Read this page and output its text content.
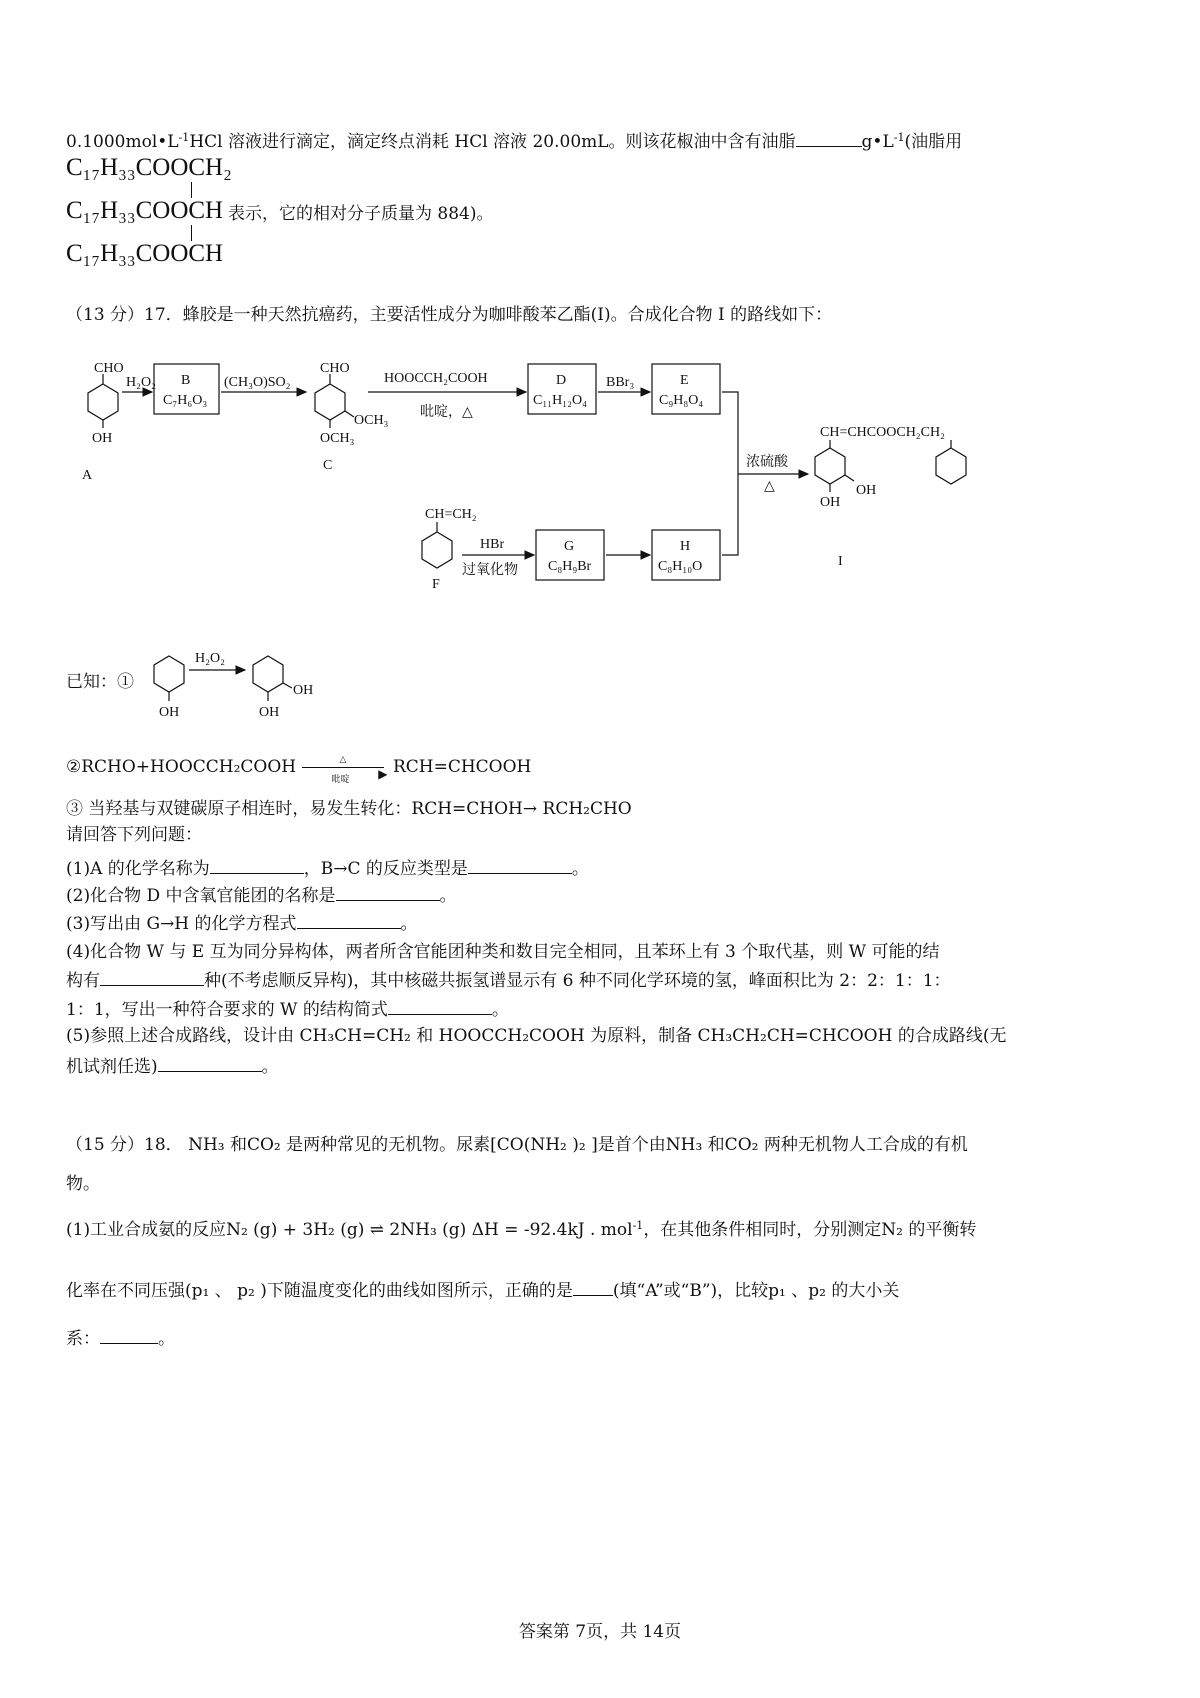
$0.1000mol•L^{-1}HCl$ 溶液进行滴定，滴定终点消耗 HCl 溶液 20.00mL。则该花椒油中含有油脂	$g•L^{-1}$(油脂用
C₁₇H₃₃COOCH₂
C₁₇H₃₃COOCH 表示，它的相对分子质量为 884)。
C₁₇H₃₃COOCH
（13 分）17．蜂胶是一种天然抗癌药，主要活性成分为咖啡酸苯乙酯(I)。合成化合物 I 的路线如下：
CHO
OH
A
H₂O₂ B
C₇H₆O₃
(CH₃O)SO₂
CHO
OCH₃
OCH₃
C
HOOCCH₂COOH
吡啶，△
D
C₁₁H₁₂O₄
BBr₃	E
C₉H₈O₄
CH=CH₂
F
HBr
过氧化物
G
C₈H₉Br
H
C₈H₁₀O
浓硫酸
△
CH=CHCOOCH₂CH₂
OH
OH
I
已知：①
H₂O₂
OH	OH
OH
②RCHO+HOOCCH₂COOH	△
▶
吡啶
RCH=CHCOOH
③ 当羟基与双键碳原子相连时，易发生转化：RCH=CHOH→ RCH₂CHO
请回答下列问题：
(1)A 的化学名称为	，B→C 的反应类型是	。
(2)化合物 D 中含氧官能团的名称是	。
(3)写出由 G→H 的化学方程式	。
(4)化合物 W 与 E 互为同分异构体，两者所含官能团种类和数目完全相同，且苯环上有 3 个取代基，则 W 可能的结
构有	种(不考虑顺反异构)，其中核磁共振氢谱显示有 6 种不同化学环境的氢，峰面积比为 2：2：1：1：
1：1，写出一种符合要求的 W 的结构简式	。
(5)参照上述合成路线，设计由 CH₃CH=CH₂ 和 HOOCCH₂COOH 为原料，制备 CH₃CH₂CH=CHCOOH 的合成路线(无
机试剂任选)	。
（15 分）18． NH₃ 和CO₂ 是两种常见的无机物。尿素[CO(NH₂ )₂ ]是首个由NH₃ 和CO₂ 两种无机物人工合成的有机
物。
(1)工业合成氨的反应N₂ (g) + 3H₂ (g) ⇌ 2NH₃ (g) ΔH = -92.4kJ . mol$^{-1}$，在其他条件相同时，分别测定N₂ 的平衡转
化率在不同压强(p₁ 、 p₂ )下随温度变化的曲线如图所示，正确的是 (填“A”或“B”)，比较p₁ 、p₂ 的大小关
系：	。
答案第 7页，共 14页
